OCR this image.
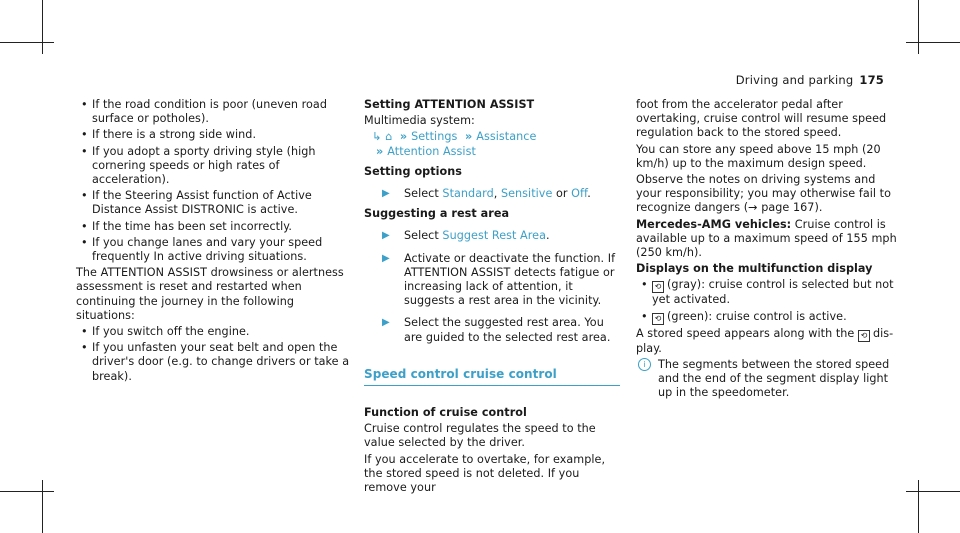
Driving and parking 175
• If the road condition is poor (uneven road surface or potholes).
• If there is a strong side wind.
• If you adopt a sporty driving style (high cornering speeds or high rates of acceleration).
• If the Steering Assist function of Active Distance Assist DISTRONIC is active.
• If the time has been set incorrectly.
• If you change lanes and vary your speed frequently In active driving situations.

The ATTENTION ASSIST drowsiness or alertness assessment is reset and restarted when continuing the journey in the following situations:

• If you switch off the engine.
• If you unfasten your seat belt and open the driver's door (e.g. to change drivers or take a break).

Setting ATTENTION ASSIST

Multimedia system:

↳ ⌂ » Settings » Assistance
» Attention Assist

Setting options

▶ Select Standard, Sensitive or Off.

Suggesting a rest area

▶ Select Suggest Rest Area.
▶ Activate or deactivate the function. If ATTENTION ASSIST detects fatigue or increasing lack of attention, it suggests a rest area in the vicinity.
▶ Select the suggested rest area. You are guided to the selected rest area.
Speed control cruise control

Function of cruise control

Cruise control regulates the speed to the value selected by the driver.

If you accelerate to overtake, for example, the stored speed is not deleted. If you remove your

foot from the accelerator pedal after overtaking, cruise control will resume speed regulation back to the stored speed.

You can store any speed above 15 mph (20 km/h) up to the maximum design speed.

Observe the notes on driving systems and your responsibility; you may otherwise fail to recognize dangers (→ page 167).

Mercedes-AMG vehicles: Cruise control is available up to a maximum speed of 155 mph (250 km/h).

Displays on the multifunction display

• ⟲ (gray): cruise control is selected but not yet activated.
• ⟲ (green): cruise control is active.

A stored speed appears along with the ⟲ display.

i	The segments between the stored speed and the end of the segment display light up in the speedometer.
